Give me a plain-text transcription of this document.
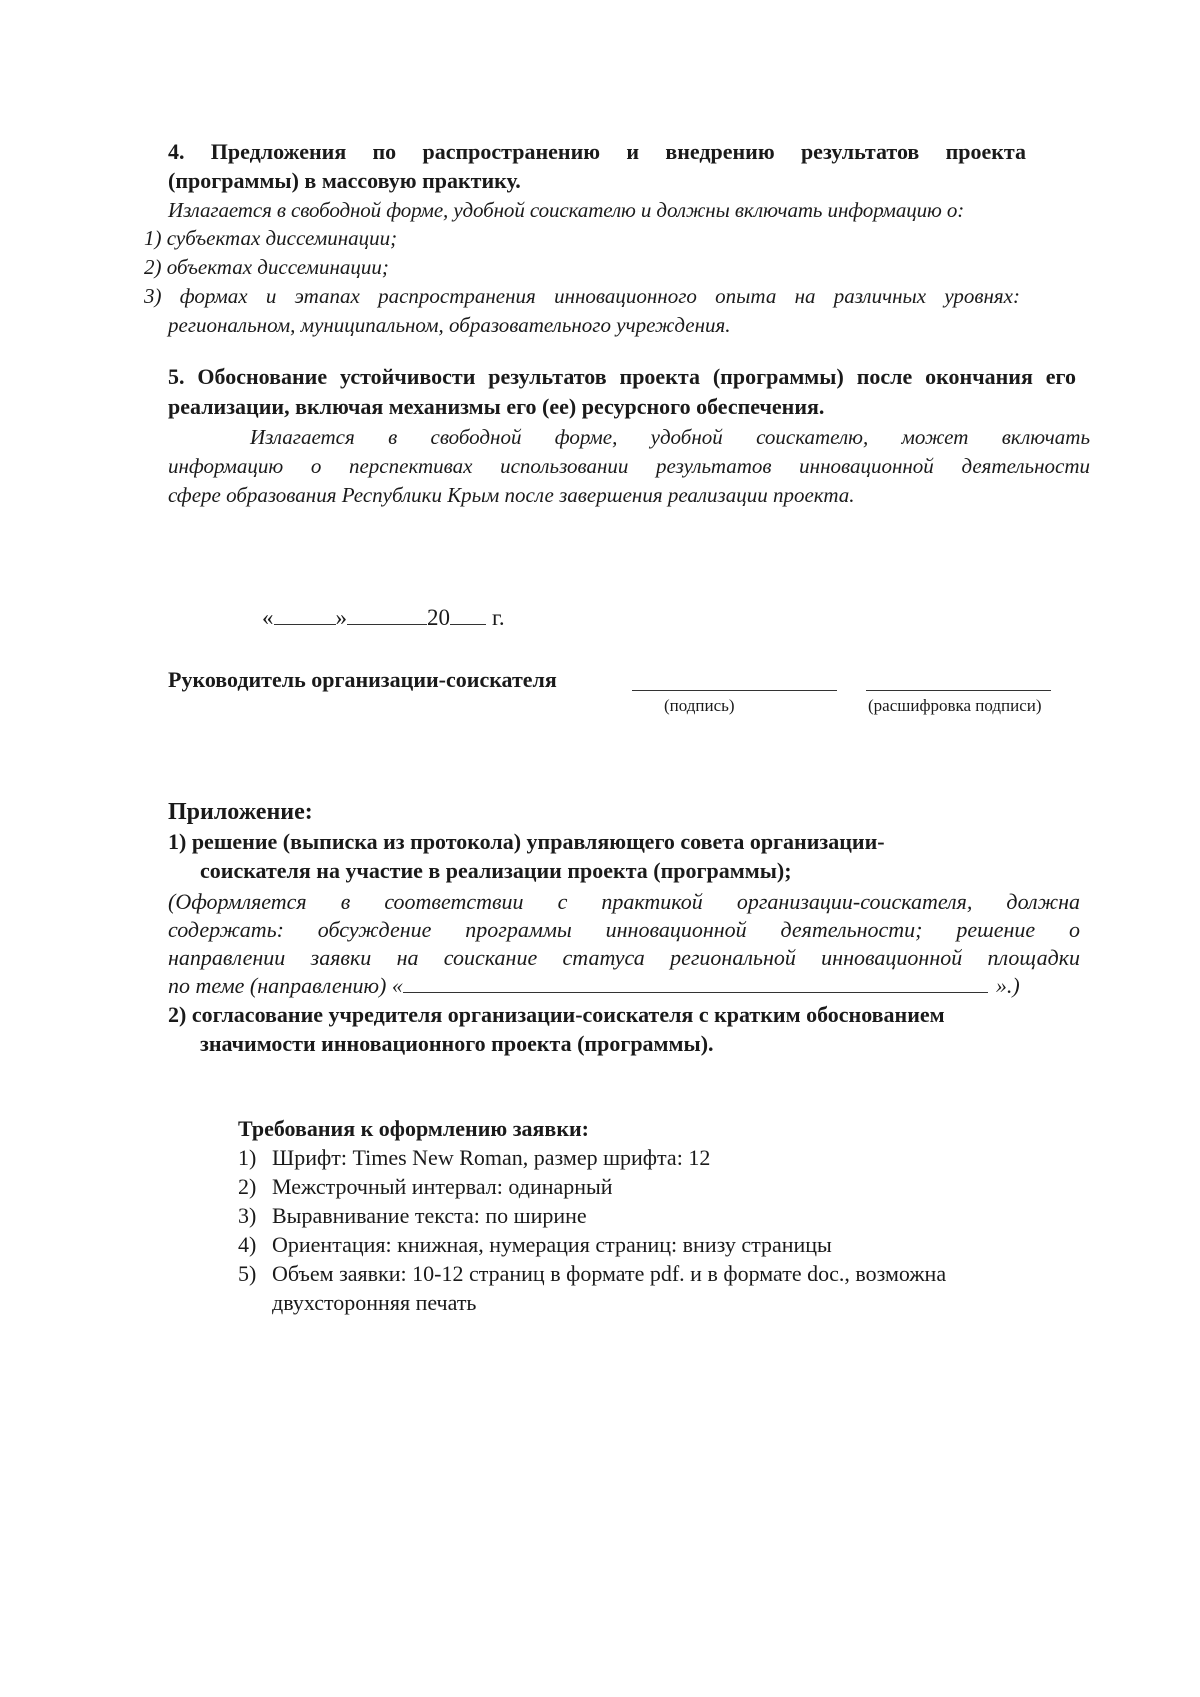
4. Предложения по распространению и внедрению результатов проекта
(программы) в массовую практику.
Излагается в свободной форме, удобной соискателю и должны включать информацию о:
1) субъектах диссеминации;
2) объектах диссеминации;
3) формах и этапах распространения инновационного опыта на различных уровнях:
региональном, муниципальном, образовательного учреждения.
5. Обоснование устойчивости результатов проекта (программы) после окончания его
реализации, включая механизмы его (ее) ресурсного обеспечения.
Излагается в свободной форме, удобной соискателю, может включать
информацию о перспективах использовании результатов инновационной деятельности
сфере образования Республики Крым после завершения реализации проекта.
«	»	20 г.
Руководитель организации-соискателя
(подпись)	(расшифровка подписи)
Приложение:
1) решение (выписка из протокола) управляющего совета организации-
соискателя на участие в реализации проекта (программы);
(Оформляется в соответствии с практикой организации-соискателя, должна
содержать: обсуждение программы инновационной деятельности; решение о
направлении заявки на соискание статуса региональной инновационной площадки
по теме (направлению) «	».)
2) согласование учредителя организации-соискателя с кратким обоснованием
значимости инновационного проекта (программы).
Требования к оформлению заявки:
1) Шрифт: Times New Roman, размер шрифта: 12
2) Межстрочный интервал: одинарный
3) Выравнивание текста: по ширине
4) Ориентация: книжная, нумерация страниц: внизу страницы
5) Объем заявки: 10-12 страниц в формате pdf. и в формате doc., возможна
двухсторонняя печать
